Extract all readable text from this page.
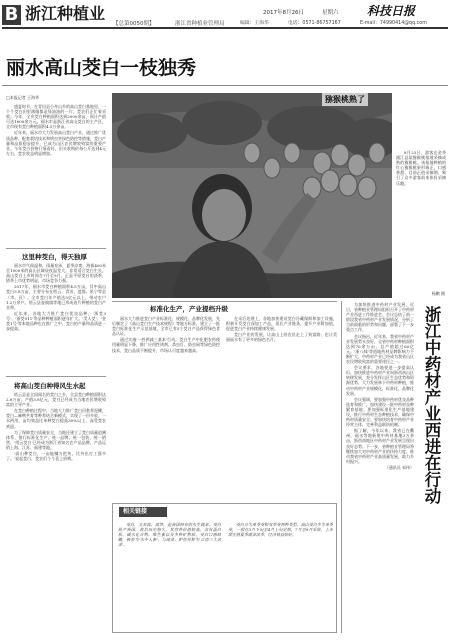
B 浙江种植业
【总第0050期】	浙江省种植业管理局
2017年8月26日	星期六 科技日报
编辑：王海华	电话：0571-86757167	E-mail：74990414@qq.com
丽水高山茭白一枝独秀
□本报记者 王海华

盛夏时节，在青田县小舟山乡的高山茭白基地里，一个个茭白田里满眼都是绿油油的一片，茭农们正忙着采收。今年，全乡茭白种植面积达到2000余亩，预计产值可达1600余万元。丽水市是浙江省高山茭白的主产区，全市现有茭白种植面积4.5万余亩。

近年来，丽水市大力发展高山茭白产业，通过推广优质品种、配套栽培技术和病虫害绿色防控等措施，茭白产量和品质稳步提升，已成为山区农民增收致富的重要产业。今年茭白价格行情看好，田头收购价每公斤达到4元左右，茭农收益明显增加。

猕猴桃熟了

8月23日，游客在金华浦江县某猕猴桃基地采摘成熟的猕猴桃。该基地种植的红心猕猴桃果形端正、口感香甜，目前正值采摘期，吸引了众多游客前来体验采摘乐趣。

杨鹏 摄
这里种茭白，得天独厚

丽水市气候温和，雨量充沛，夏季凉爽，海拔400米至1000米的高山区域昼夜温差大，非常适合茭白生长。高山茭白上市时间在7月至9月，正是平原茭白的淡季，错季上市优势明显，市场竞争力强。

2017年，丽水市茭白种植面积4.5万亩，其中高山茭白3.8万亩，主要分布在缙云、青田、莲都、景宁等县（市、区）。全市茭白年产值达5亿元以上，带动农户1.2万余户。缙云县壶镇镇等地已形成连片种植的茭白产业带。

近年来，各地大力推广茭白优良品种，'浙茭3号'、'浙茭911'等品种种植面积逐年扩大。'美人茭'、'金茭1号'等本地品种也在推广之中，茭白的产量和品质进一步提高。

将高山茭白种得风生水起

缙云县是全国闻名的茭白之乡，全县茭白种植面积达2.6万亩，产值3.8亿元，茭白已经成为当地农民增收致富的主导产业。

在茭白种植过程中，当地大力推广茭白田套养泥鳅、茭白—麻鸭共育等种养结合新模式，实现了一田多收、一水两用，亩均效益比单种茭白提高30%以上，深受茭农欢迎。

为了保障茭白质量安全，当地还建立了茭白质量追溯体系，推行标准化生产，统一品牌、统一包装、统一销售，'缙云茭白'已经成为浙江省知名农产品品牌，产品远销上海、江苏、福建等地。

'高山种茭白，一亩能赚万把块，比外出打工强多了。'说起茭白，茭农们个个喜上眉梢。

标准化生产，产业提档升级

丽水大力推进茭白产业标准化、规模化、品牌化发展，先后制定了《高山茭白生产技术规程》等地方标准，建立了一批茭白标准化生产示范基地，全市已有5个茭白产品获得绿色食品认证。

通过实施'一控两减三基本'行动，茭白生产中化肥农药使用量明显下降，推广应用性诱剂、杀虫灯、防虫网等绿色防控技术，茭白品质不断提升，市场认可度越来越高。

在采后处理上，各地加快建设茭白冷藏保鲜和加工设施，积极开发茭白深加工产品，延长产业链条，提升产业附加值，促进茭白产业持续健康发展。

茭白产业的发展，让高山上的农民走上了致富路，也让美丽丽水有了更多的绿色名片。

相关链接

茭白，又名菰、菰笋，是我国特有的水生蔬菜。茭白原产我国，栽培历史悠久，其营养价值较高，含有蛋白质、碳水化合物、维生素以及多种矿物质。茭白口感鲜嫩，被誉为'水中人参'，与莼菜、鲈鱼并称为'江南三大名菜'。

茭白分为单季茭和双季茭两种类型。高山茭白多为单季茭，一般在3月下旬至4月上旬定植，7月至9月采收，上市期正值夏季蔬菜淡季，经济效益较好。

为加快推进中药材产业发展，近日，省种植业管理局组织召开了中药材产业西进工作推进会。会议总结了前一阶段我省中药材产业发展情况，分析了当前面临的形势和问题，部署了下一步重点工作。

会议指出，近年来，我省中药材产业发展势头良好，全省中药材种植面积达到70余万亩，总产值超过60亿元。'浙八味'等道地药材品牌影响力不断扩大，中药材产业已经成为我省山区农民增收致富的重要途径之一。

会议要求，各地要进一步提高认识，加快推进中药材产业向浙西南山区转移发展，充分发挥山区生态优势和资源优势，大力发展林下中药材种植，推动中药材产业规模化、标准化、品牌化发展。

会议强调，要加强中药材优良品种选育和推广，加快建设一批中药材良种繁育基地；要加强标准化生产基地建设，推行中药材生态种植技术，确保中药材质量安全；要加快培育中药材产业经营主体，完善利益联结机制。

据了解，今年以来，我省已在衢州、丽水等地新建中药材基地3万余亩，浙西南地区中药材产业发展呈现出良好态势。下一步，省种植业管理局将继续加大对中药材产业的扶持力度，推动我省中药材产业高质量发展，助力乡村振兴。

（通讯员 邹伟） 浙江中药材产业西进在行动
